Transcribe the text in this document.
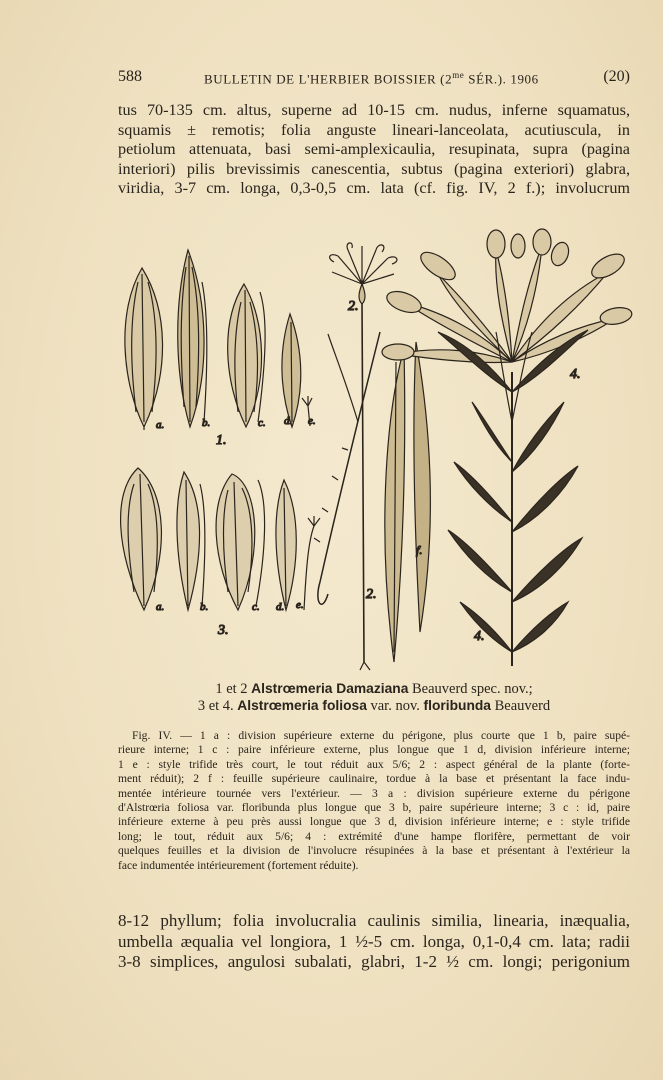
588	BULLETIN DE L'HERBIER BOISSIER ($2^{me}$ SÉR.). 1906	(20)
tus 70-135 cm. altus, superne ad 10-15 cm. nudus, inferne squamatus,
squamis ± remotis; folia anguste lineari-lanceolata, acutiuscula, in
petiolum attenuata, basi semi-amplexicaulia, resupinata, supra (pagina
interiori) pilis brevissimis canescentia, subtus (pagina exteriori) glabra,
viridia, 3-7 cm. longa, 0,3-0,5 cm. lata (cf. fig. IV, 2 f.); involucrum
a.	b.	c. d. e.
1.
a.	b.	c. d. e.
3.
2.
2.
f.
4.
4.
1 et 2 Alstrœmeria Damaziana Beauverd spec. nov.;
3 et 4. Alstrœmeria foliosa var. nov. floribunda Beauverd
Fig. IV. — 1 a : division supérieure externe du périgone, plus courte que 1 b, paire supé-
rieure interne; 1 c : paire inférieure externe, plus longue que 1 d, division inférieure interne;
1 e : style trifide très court, le tout réduit aux 5/6; 2 : aspect général de la plante (forte-
ment réduit); 2 f : feuille supérieure caulinaire, tordue à la base et présentant la face indu-
mentée intérieure tournée vers l'extérieur. — 3 a : division supérieure externe du périgone
d'Alstrœria foliosa var. floribunda plus longue que 3 b, paire supérieure interne; 3 c : id, paire
inférieure externe à peu près aussi longue que 3 d, division inférieure interne; e : style trifide
long; le tout, réduit aux 5/6; 4 : extrémité d'une hampe florifère, permettant de voir
quelques feuilles et la division de l'involucre résupinées à la base et présentant à l'extérieur la
face indumentée intérieurement (fortement réduite).
8-12 phyllum; folia involucralia caulinis similia, linearia, inæqualia,
umbella æqualia vel longiora, 1 ½-5 cm. longa, 0,1-0,4 cm. lata; radii
3-8 simplices, angulosi subalati, glabri, 1-2 ½ cm. longi; perigonium
